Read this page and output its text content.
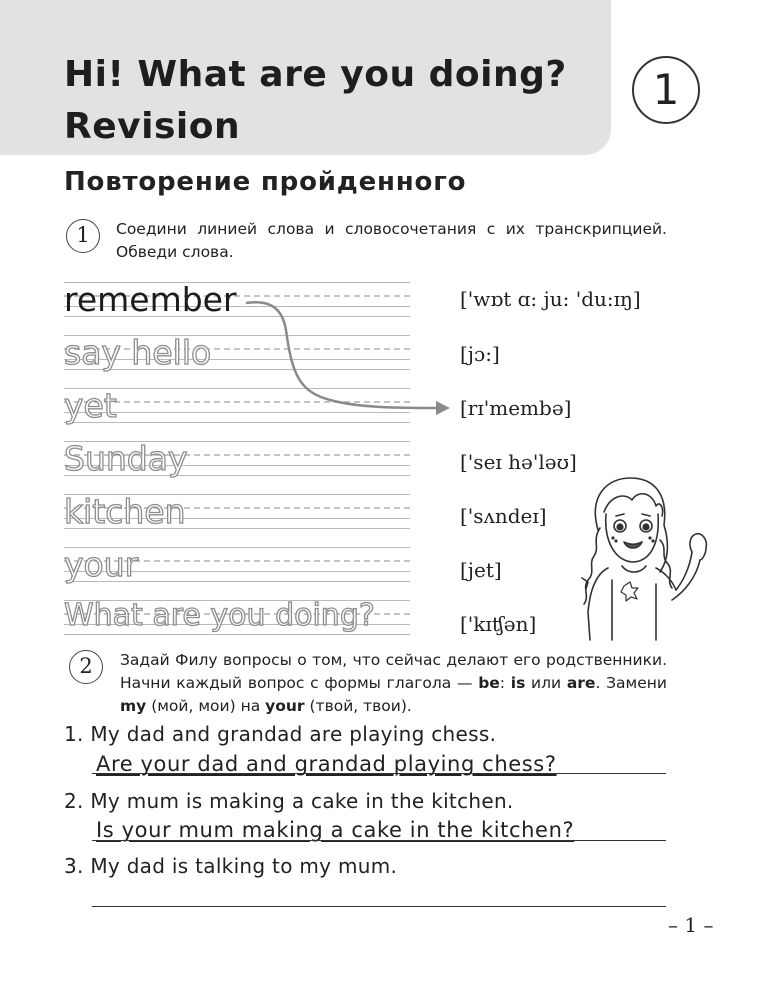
Hi! What are you doing?
Revision
1
Повторение пройденного
1	Соедини линией слова и словосочетания с их транскрипцией. Обведи слова.
remember
say hello
yet
Sunday
kitchen
your
What are you doing?
['wɒt ɑ: ju: 'du:ɪŋ]
[jɔ:]
[rɪ'membə]
['seɪ hə'ləʊ]
['sʌndeɪ]
[jet]
['kɪʧən]
2	Задай Филу вопросы о том, что сейчас делают его родственники. Начни каждый вопрос с формы глагола — be: is или are. Замени my (мой, мои) на your (твой, твои).
1. My dad and grandad are playing chess.
Are your dad and grandad playing chess?
2. My mum is making a cake in the kitchen.
Is your mum making a cake in the kitchen?
3. My dad is talking to my mum.
– 1 –
